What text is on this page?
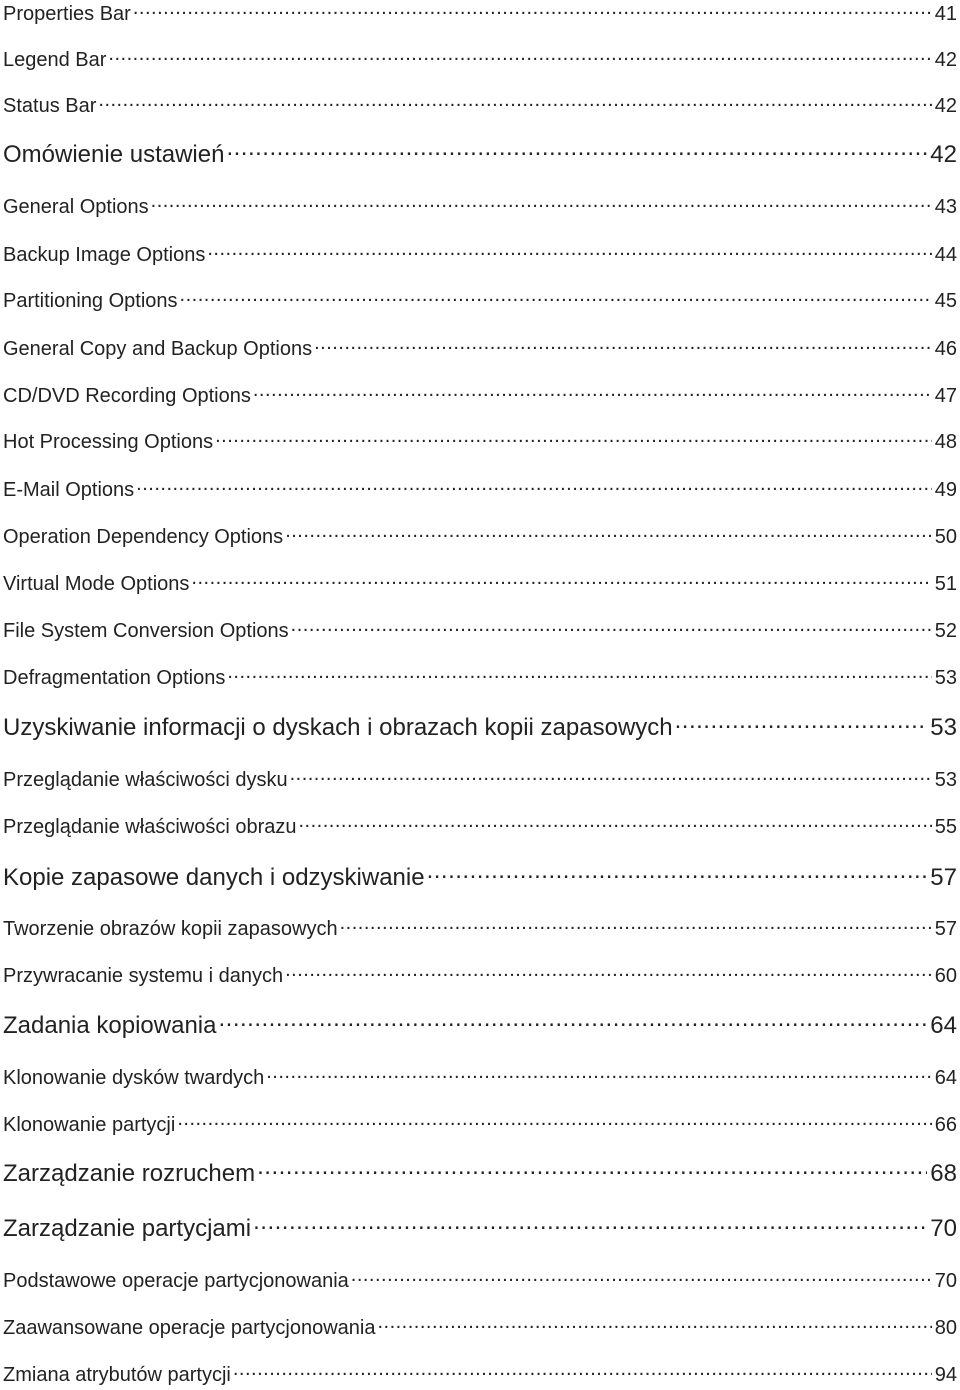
Properties Bar .....	41
Legend Bar .....	42
Status Bar .....	42
Omówienie ustawień .....	42
General Options .....	43
Backup Image Options .....	44
Partitioning Options .....	45
General Copy and Backup Options .....	46
CD/DVD Recording Options .....	47
Hot Processing Options .....	48
E-Mail Options .....	49
Operation Dependency Options .....	50
Virtual Mode Options .....	51
File System Conversion Options .....	52
Defragmentation Options .....	53
Uzyskiwanie informacji o dyskach i obrazach kopii zapasowych .....	53
Przeglądanie właściwości dysku .....	53
Przeglądanie właściwości obrazu .....	55
Kopie zapasowe danych i odzyskiwanie .....	57
Tworzenie obrazów kopii zapasowych .....	57
Przywracanie systemu i danych .....	60
Zadania kopiowania .....	64
Klonowanie dysków twardych .....	64
Klonowanie partycji .....	66
Zarządzanie rozruchem .....	68
Zarządzanie partycjami .....	70
Podstawowe operacje partycjonowania .....	70
Zaawansowane operacje partycjonowania .....	80
Zmiana atrybutów partycji .....	94
